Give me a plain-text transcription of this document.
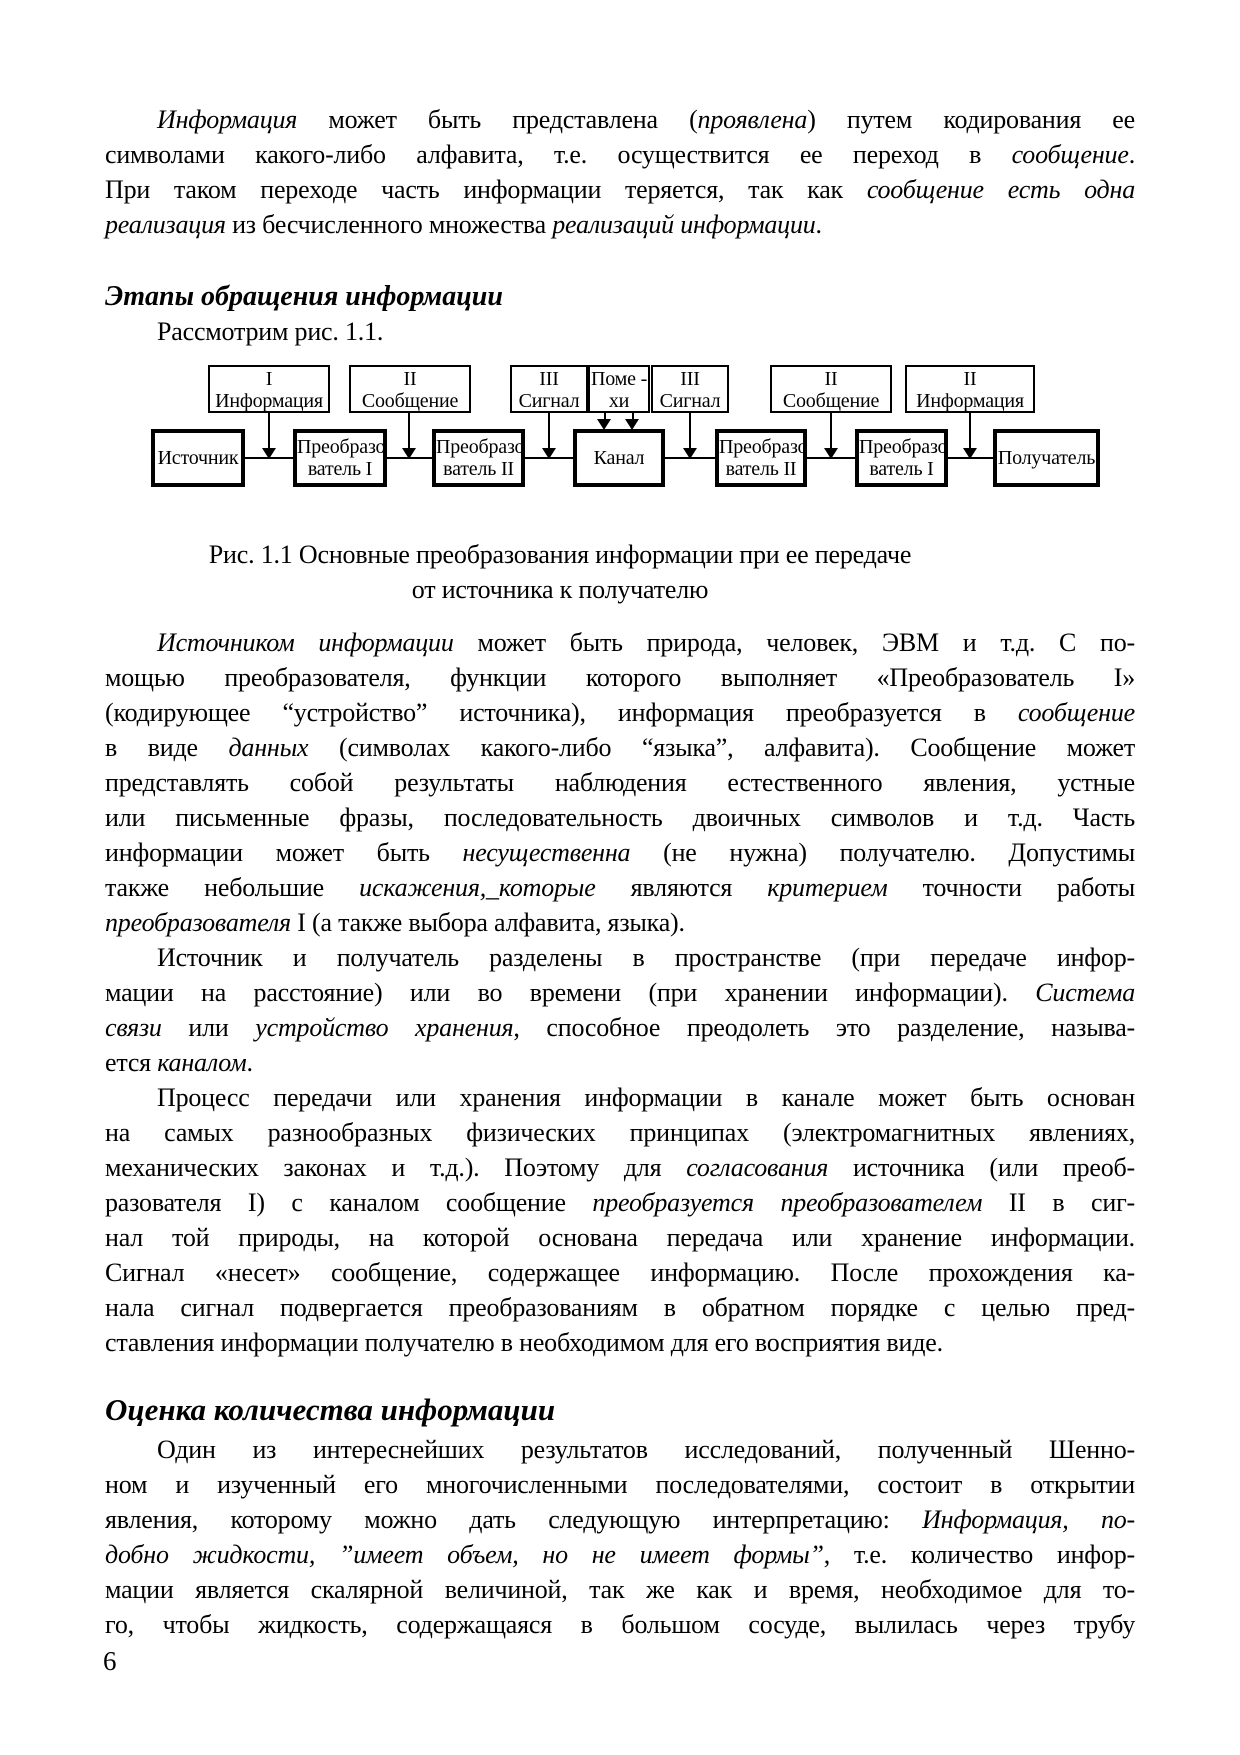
Информация может быть представлена (проявлена) путем кодирования ее
символами какого-либо алфавита, т.е. осуществится ее переход в сообщение.
При таком переходе часть информации теряется, так как сообщение есть одна
реализация из бесчисленного множества реализаций информации.
Этапы обращения информации
Рассмотрим рис. 1.1.
I
Информация
II
Сообщение
III
Сигнал
Поме -
хи
III
Сигнал
II
Сообщение
II
Информация
Источник	Преобразо
ватель I
Преобразо
ватель II	Канал	Преобразо
ватель II
Преобразо
ватель I	Получатель
Рис. 1.1 Основные преобразования информации при ее передаче
от источника к получателю
Источником информации может быть природа, человек, ЭВМ и т.д. С по-
мощью преобразователя, функции которого выполняет «Преобразователь I»
(кодирующее “устройство” источника), информация преобразуется в сообщение
в виде данных (символах какого-либо “языка”, алфавита). Сообщение может
представлять собой результаты наблюдения естественного явления, устные
или письменные фразы, последовательность двоичных символов и т.д. Часть
информации может быть несущественна (не нужна) получателю. Допустимы
также небольшие искажения,_которые являются критерием точности работы
преобразователя I (а также выбора алфавита, языка).
Источник и получатель разделены в пространстве (при передаче инфор-
мации на расстояние) или во времени (при хранении информации). Система
связи или устройство хранения, способное преодолеть это разделение, называ-
ется каналом.
Процесс передачи или хранения информации в канале может быть основан
на самых разнообразных физических принципах (электромагнитных явлениях,
механических законах и т.д.). Поэтому для согласования источника (или преоб-
разователя I) с каналом сообщение преобразуется преобразователем II в сиг-
нал той природы, на которой основана передача или хранение информации.
Сигнал «несет» сообщение, содержащее информацию. После прохождения ка-
нала сигнал подвергается преобразованиям в обратном порядке с целью пред-
ставления информации получателю в необходимом для его восприятия виде.
Оценка количества информации
Один из интереснейших результатов исследований, полученный Шенно-
ном и изученный его многочисленными последователями, состоит в открытии
явления, которому можно дать следующую интерпретацию: Информация, по-
добно жидкости, ”имеет объем, но не имеет формы”, т.е. количество инфор-
мации является скалярной величиной, так же как и время, необходимое для то-
го, чтобы жидкость, содержащаяся в большом сосуде, вылилась через трубу
6
